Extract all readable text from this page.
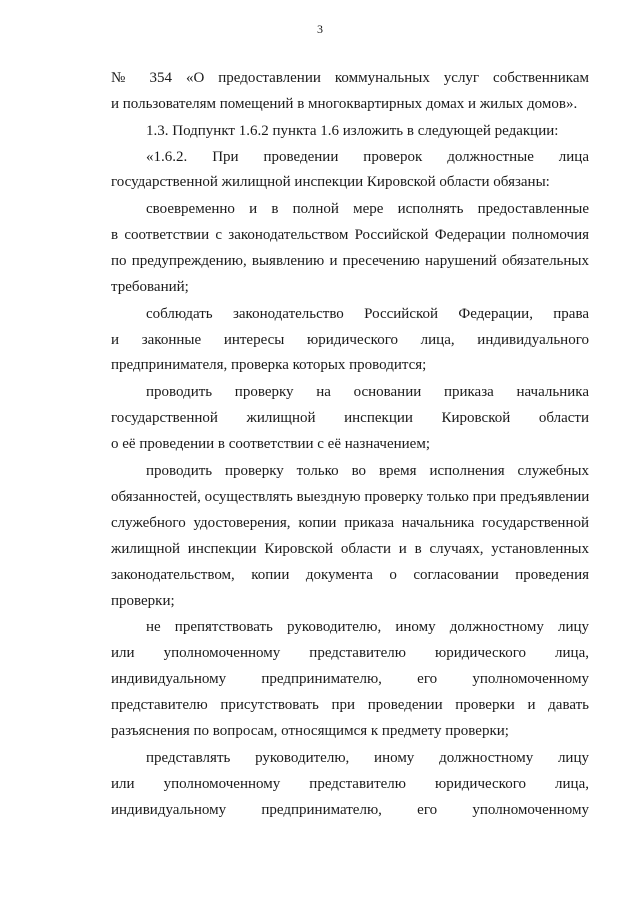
3
№ 354 «О предоставлении коммунальных услуг собственникам
и пользователям помещений в многоквартирных домах и жилых домов».
1.3. Подпункт 1.6.2 пункта 1.6 изложить в следующей редакции:
«1.6.2. При проведении проверок должностные лица
государственной жилищной инспекции Кировской области обязаны:
своевременно и в полной мере исполнять предоставленные
в соответствии с законодательством Российской Федерации полномочия
по предупреждению, выявлению и пресечению нарушений обязательных
требований;
соблюдать законодательство Российской Федерации, права
и законные интересы юридического лица, индивидуального
предпринимателя, проверка которых проводится;
проводить проверку на основании приказа начальника
государственной жилищной инспекции Кировской области
о её проведении в соответствии с её назначением;
проводить проверку только во время исполнения служебных
обязанностей, осуществлять выездную проверку только при предъявлении
служебного удостоверения, копии приказа начальника государственной
жилищной инспекции Кировской области и в случаях, установленных
законодательством, копии документа о согласовании проведения
проверки;
не препятствовать руководителю, иному должностному лицу
или уполномоченному представителю юридического лица,
индивидуальному предпринимателю, его уполномоченному
представителю присутствовать при проведении проверки и давать
разъяснения по вопросам, относящимся к предмету проверки;
представлять руководителю, иному должностному лицу
или уполномоченному представителю юридического лица,
индивидуальному предпринимателю, его уполномоченному
